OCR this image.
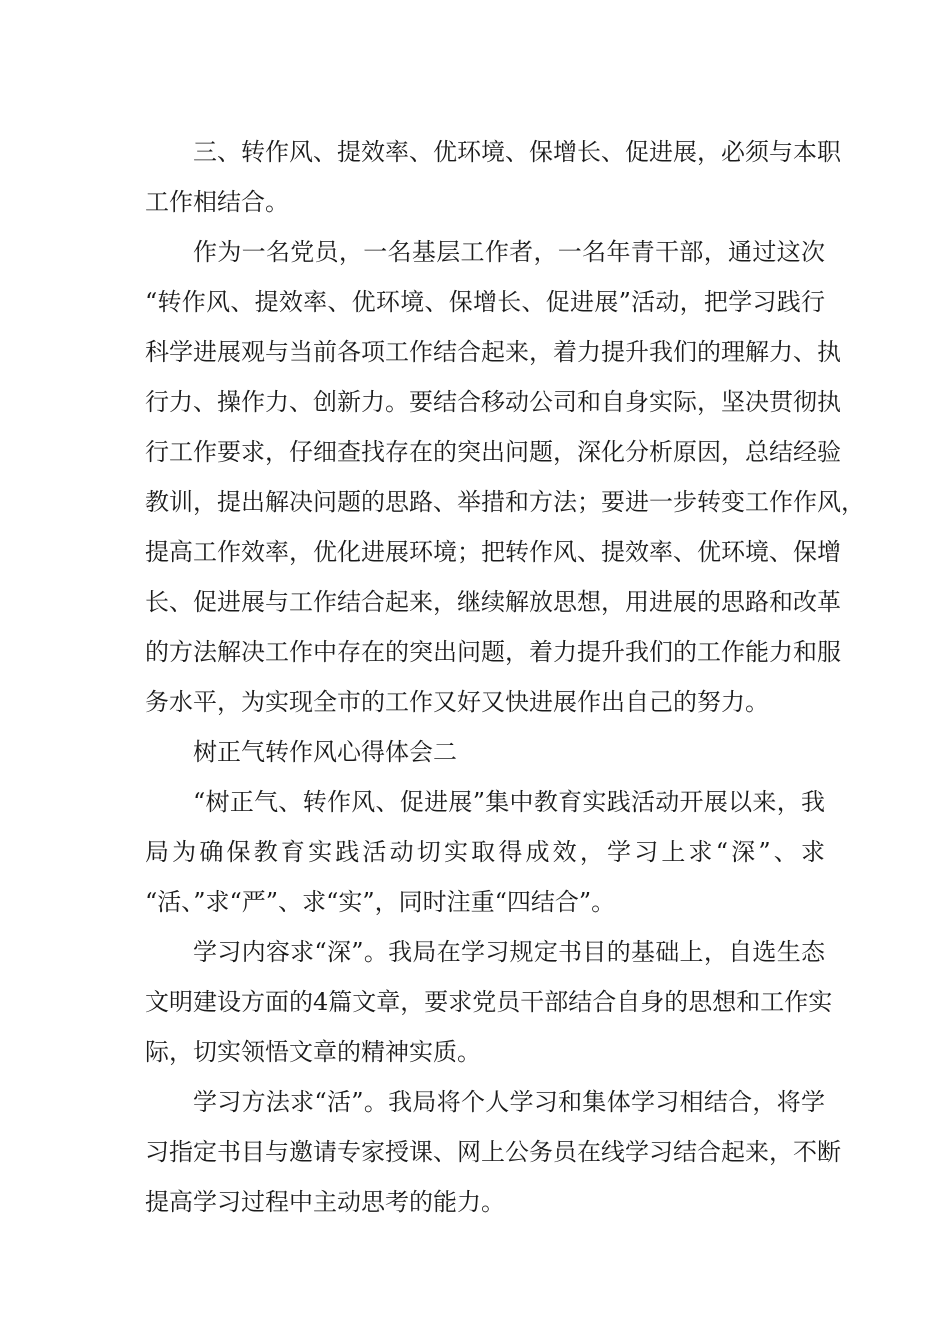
三、转作风、提效率、优环境、保增长、促进展，必须与本职

工作相结合。

作为一名党员，一名基层工作者，一名年青干部，通过这次

“转作风、提效率、优环境、保增长、促进展”活动，把学习践行

科学进展观与当前各项工作结合起来，着力提升我们的理解力、执

行力、操作力、创新力。要结合移动公司和自身实际，坚决贯彻执

行工作要求，仔细查找存在的突出问题，深化分析原因，总结经验

教训，提出解决问题的思路、举措和方法；要进一步转变工作作风，

提高工作效率，优化进展环境；把转作风、提效率、优环境、保增

长、促进展与工作结合起来，继续解放思想，用进展的思路和改革

的方法解决工作中存在的突出问题，着力提升我们的工作能力和服

务水平，为实现全市的工作又好又快进展作出自己的努力。

树正气转作风心得体会二

“树正气、转作风、促进展”集中教育实践活动开展以来，我

局为确保教育实践活动切实取得成效，学习上求“深”、求

“活、”求“严”、求“实”，同时注重“四结合”。

学习内容求“深”。我局在学习规定书目的基础上，自选生态

文明建设方面的4篇文章，要求党员干部结合自身的思想和工作实

际，切实领悟文章的精神实质。

学习方法求“活”。我局将个人学习和集体学习相结合，将学

习指定书目与邀请专家授课、网上公务员在线学习结合起来，不断

提高学习过程中主动思考的能力。
